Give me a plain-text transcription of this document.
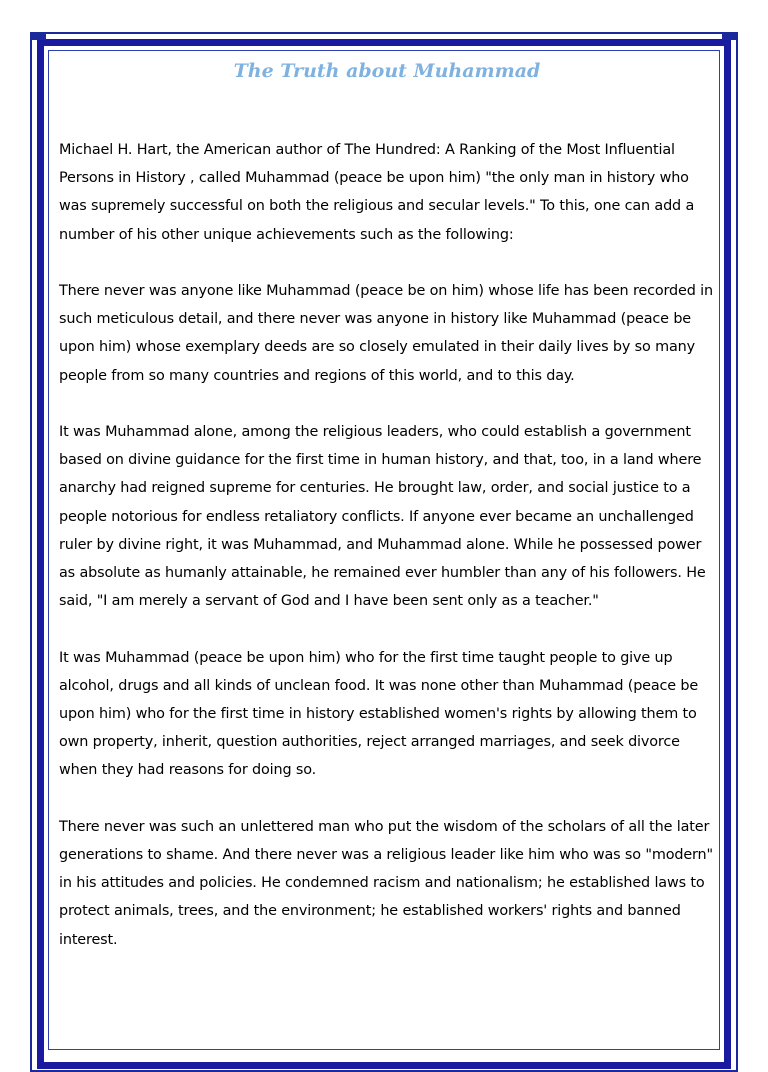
The Truth about Muhammad

Michael H. Hart, the American author of The Hundred: A Ranking of the Most Influential Persons in History , called Muhammad (peace be upon him) "the only man in history who was supremely successful on both the religious and secular levels." To this, one can add a number of his other unique achievements such as the following:

There never was anyone like Muhammad (peace be on him) whose life has been recorded in such meticulous detail, and there never was anyone in history like Muhammad (peace be upon him) whose exemplary deeds are so closely emulated in their daily lives by so many people from so many countries and regions of this world, and to this day.

It was Muhammad alone, among the religious leaders, who could establish a government based on divine guidance for the first time in human history, and that, too, in a land where anarchy had reigned supreme for centuries. He brought law, order, and social justice to a people notorious for endless retaliatory conflicts. If anyone ever became an unchallenged ruler by divine right, it was Muhammad, and Muhammad alone. While he possessed power as absolute as humanly attainable, he remained ever humbler than any of his followers. He said, "I am merely a servant of God and I have been sent only as a teacher."

It was Muhammad (peace be upon him) who for the first time taught people to give up alcohol, drugs and all kinds of unclean food. It was none other than Muhammad (peace be upon him) who for the first time in history established women's rights by allowing them to own property, inherit, question authorities, reject arranged marriages, and seek divorce when they had reasons for doing so.

There never was such an unlettered man who put the wisdom of the scholars of all the later generations to shame. And there never was a religious leader like him who was so "modern" in his attitudes and policies. He condemned racism and nationalism; he established laws to protect animals, trees, and the environment; he established workers' rights and banned interest.
